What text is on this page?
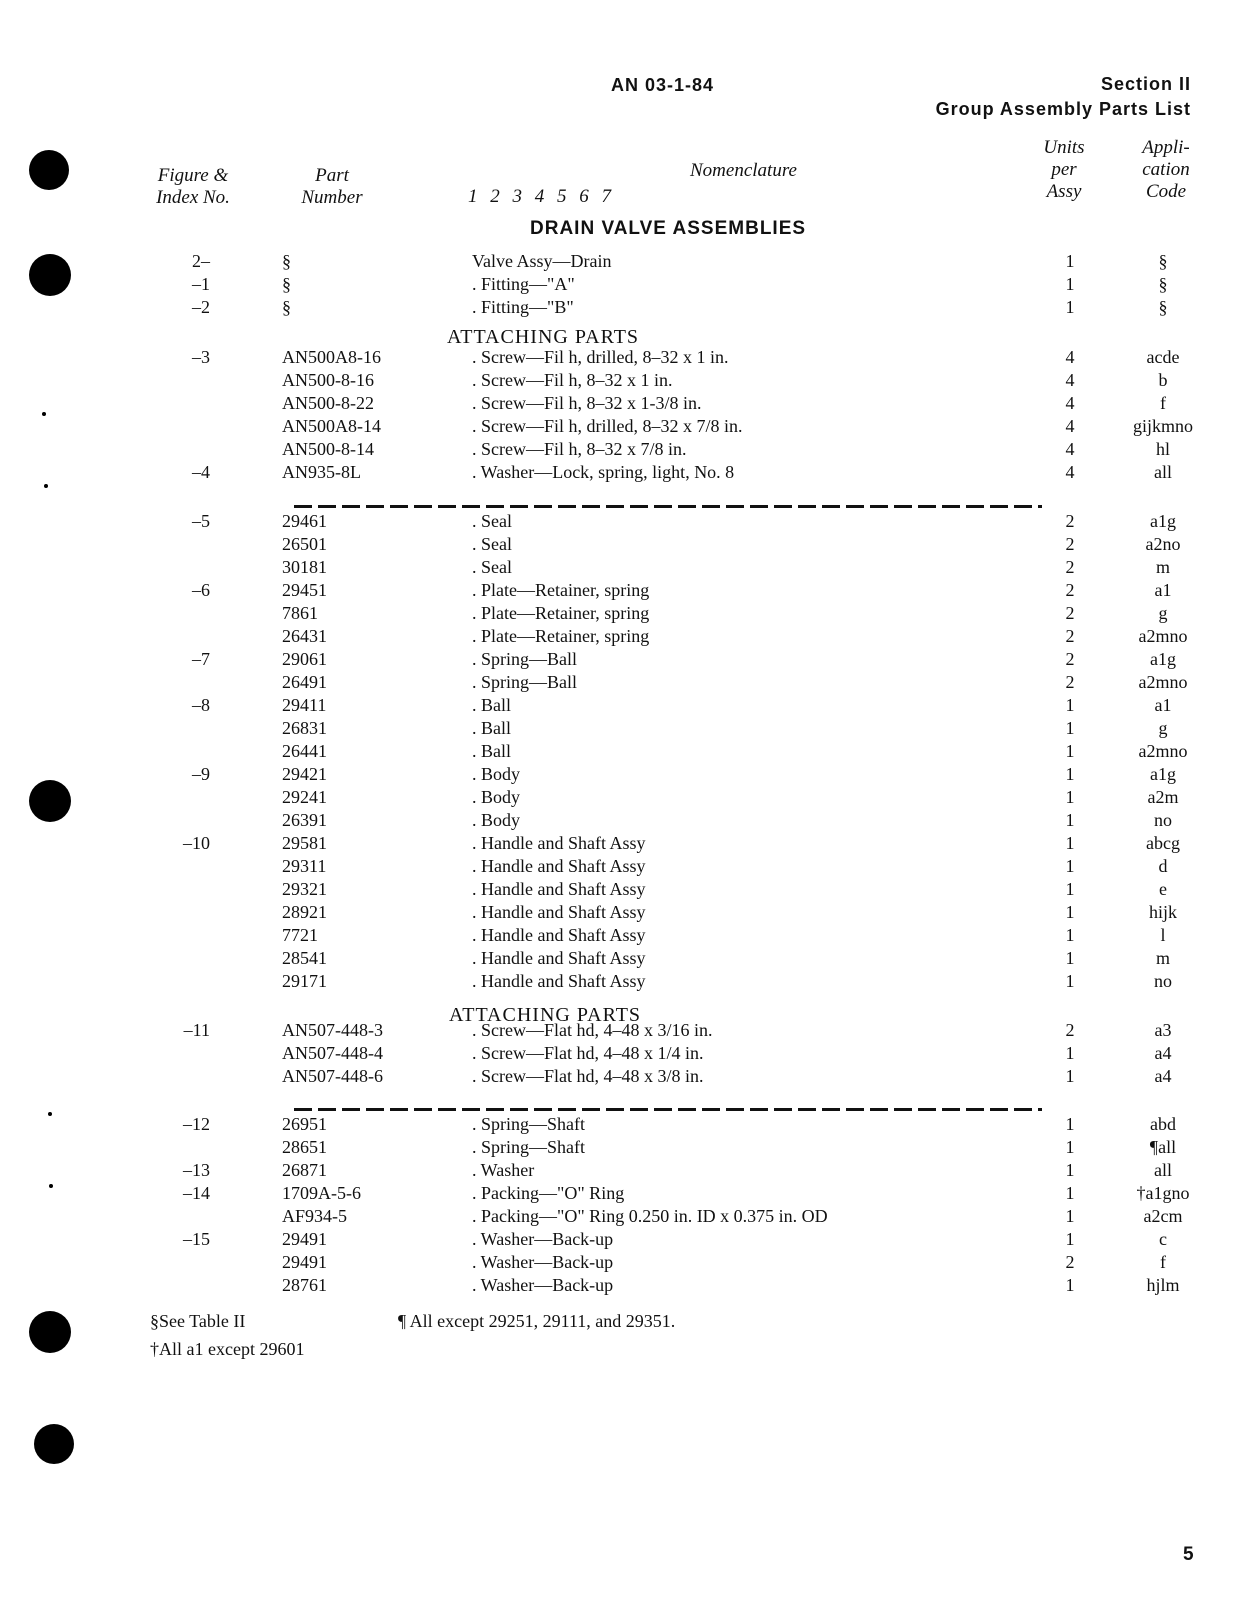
AN 03-1-84	Section II
Group Assembly Parts List
Figure &
Index No.
Part
Number	1 2 3 4 5 6 7
Nomenclature
Units
per
Assy
Appli-
cation
Code
DRAIN VALVE ASSEMBLIES
ATTACHING PARTS
ATTACHING PARTS
2–	§	Valve Assy—Drain	1	§
–1	§	. Fitting—"A"	1	§
–2	§	. Fitting—"B"	1	§
–3	AN500A8-16	. Screw—Fil h, drilled, 8–32 x 1 in.	4	acde
AN500-8-16	. Screw—Fil h, 8–32 x 1 in.	4	b
AN500-8-22	. Screw—Fil h, 8–32 x 1-3/8 in.	4	f
AN500A8-14	. Screw—Fil h, drilled, 8–32 x 7/8 in.	4	gijkmno
AN500-8-14	. Screw—Fil h, 8–32 x 7/8 in.	4	hl
–4	AN935-8L	. Washer—Lock, spring, light, No. 8	4	all
–5	29461	. Seal	2	a1g
26501	. Seal	2	a2no
30181	. Seal	2	m
–6	29451	. Plate—Retainer, spring	2	a1
7861	. Plate—Retainer, spring	2	g
26431	. Plate—Retainer, spring	2	a2mno
–7	29061	. Spring—Ball	2	a1g
26491	. Spring—Ball	2	a2mno
–8	29411	. Ball	1	a1
26831	. Ball	1	g
26441	. Ball	1	a2mno
–9	29421	. Body	1	a1g
29241	. Body	1	a2m
26391	. Body	1	no
–10	29581	. Handle and Shaft Assy	1	abcg
29311	. Handle and Shaft Assy	1	d
29321	. Handle and Shaft Assy	1	e
28921	. Handle and Shaft Assy	1	hijk
7721	. Handle and Shaft Assy	1	l
28541	. Handle and Shaft Assy	1	m
29171	. Handle and Shaft Assy	1	no
–11	AN507-448-3	. Screw—Flat hd, 4–48 x 3/16 in.	2	a3
AN507-448-4	. Screw—Flat hd, 4–48 x 1/4 in.	1	a4
AN507-448-6	. Screw—Flat hd, 4–48 x 3/8 in.	1	a4
–12	26951	. Spring—Shaft	1	abd
28651	. Spring—Shaft	1	¶all
–13	26871	. Washer	1	all
–14	1709A-5-6	. Packing—"O" Ring	1	†a1gno
AF934-5	. Packing—"O" Ring 0.250 in. ID x 0.375 in. OD	1	a2cm
–15	29491	. Washer—Back-up	1	c
29491	. Washer—Back-up	2	f
28761	. Washer—Back-up	1	hjlm
§See Table II	¶ All except 29251, 29111, and 29351.
†All a1 except 29601
5
